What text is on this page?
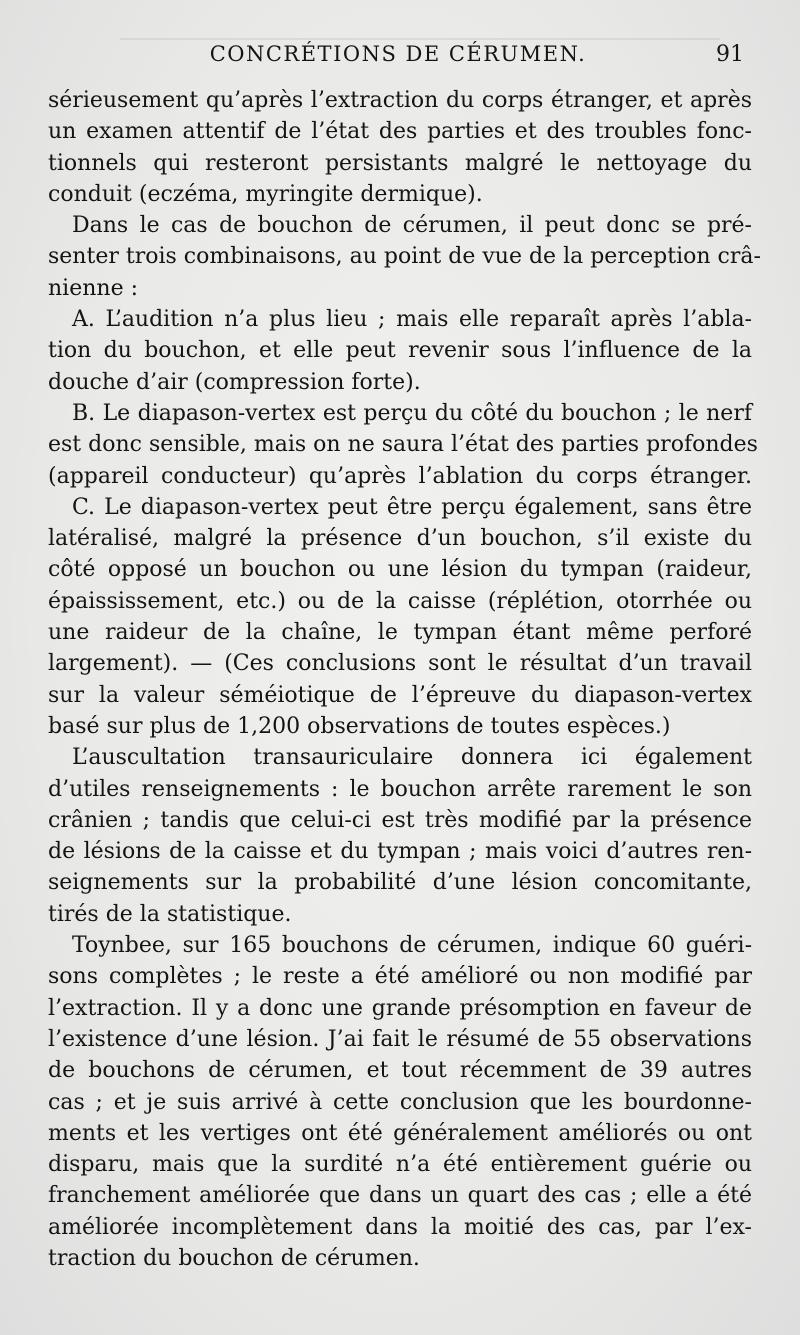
CONCRÉTIONS DE CÉRUMEN.	91
sérieusement qu’après l’extraction du corps étranger, et après
un examen attentif de l’état des parties et des troubles fonc-
tionnels qui resteront persistants malgré le nettoyage du
conduit (eczéma, myringite dermique).
Dans le cas de bouchon de cérumen, il peut donc se pré-
senter trois combinaisons, au point de vue de la perception crâ-
nienne :
A. L’audition n’a plus lieu ; mais elle reparaît après l’abla-
tion du bouchon, et elle peut revenir sous l’influence de la
douche d’air (compression forte).
B. Le diapason-vertex est perçu du côté du bouchon ; le nerf
est donc sensible, mais on ne saura l’état des parties profondes
(appareil conducteur) qu’après l’ablation du corps étranger.
C. Le diapason-vertex peut être perçu également, sans être
latéralisé, malgré la présence d’un bouchon, s’il existe du
côté opposé un bouchon ou une lésion du tympan (raideur,
épaississement, etc.) ou de la caisse (réplétion, otorrhée ou
une raideur de la chaîne, le tympan étant même perforé
largement). — (Ces conclusions sont le résultat d’un travail
sur la valeur séméiotique de l’épreuve du diapason-vertex
basé sur plus de 1,200 observations de toutes espèces.)
L’auscultation transauriculaire donnera ici également
d’utiles renseignements : le bouchon arrête rarement le son
crânien ; tandis que celui-ci est très modifié par la présence
de lésions de la caisse et du tympan ; mais voici d’autres ren-
seignements sur la probabilité d’une lésion concomitante,
tirés de la statistique.
Toynbee, sur 165 bouchons de cérumen, indique 60 guéri-
sons complètes ; le reste a été amélioré ou non modifié par
l’extraction. Il y a donc une grande présomption en faveur de
l’existence d’une lésion. J’ai fait le résumé de 55 observations
de bouchons de cérumen, et tout récemment de 39 autres
cas ; et je suis arrivé à cette conclusion que les bourdonne-
ments et les vertiges ont été généralement améliorés ou ont
disparu, mais que la surdité n’a été entièrement guérie ou
franchement améliorée que dans un quart des cas ; elle a été
améliorée incomplètement dans la moitié des cas, par l’ex-
traction du bouchon de cérumen.
